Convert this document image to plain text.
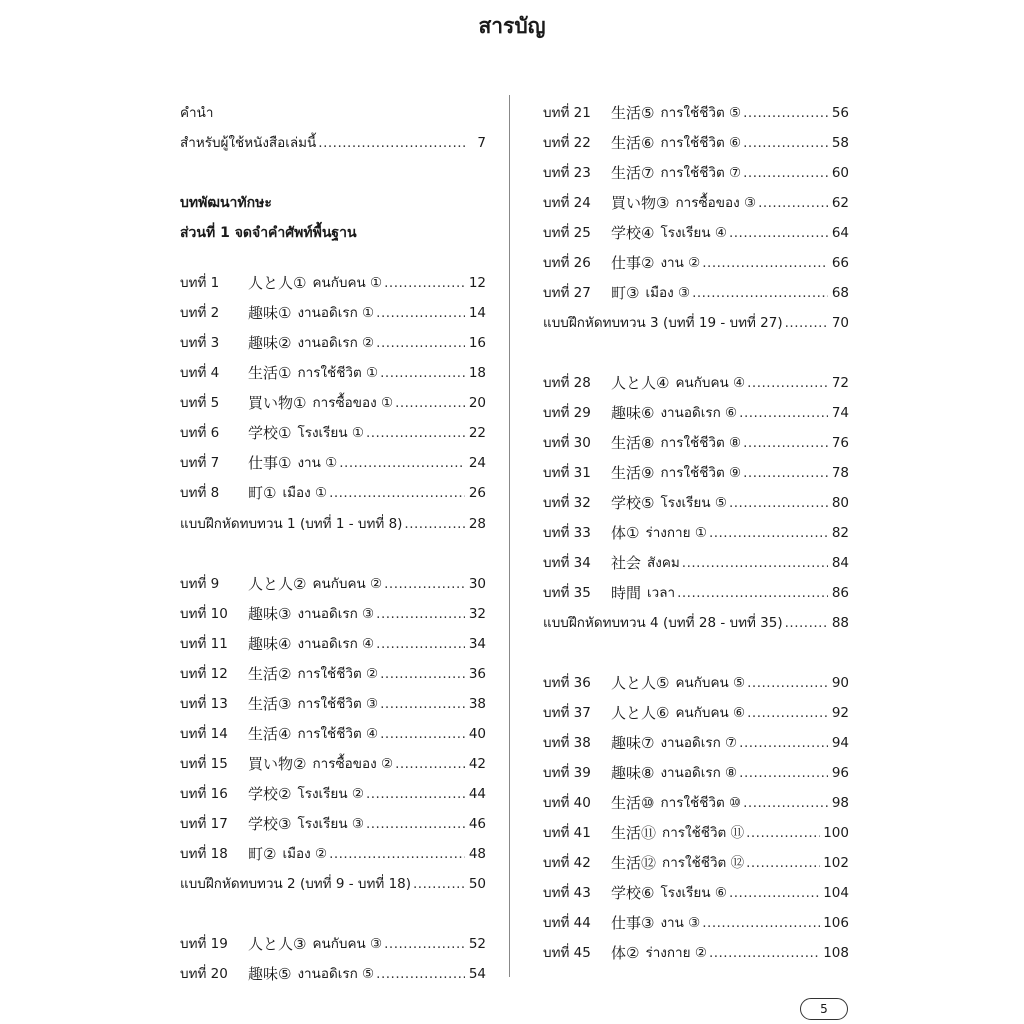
สารบัญ
คำนำ
สำหรับผู้ใช้หนังสือเล่มนี้ .....	7
บทพัฒนาทักษะ
ส่วนที่ 1 จดจำคำศัพท์พื้นฐาน
บทที่ 1	人と人① คนกับคน ① .....	12
บทที่ 2	趣味① งานอดิเรก ① .....	14
บทที่ 3	趣味② งานอดิเรก ② .....	16
บทที่ 4	生活① การใช้ชีวิต ① .....	18
บทที่ 5	買い物① การซื้อของ ① .....	20
บทที่ 6	学校① โรงเรียน ① .....	22
บทที่ 7	仕事① งาน ① .....	24
บทที่ 8	町① เมือง ① .....	26
แบบฝึกหัดทบทวน 1 (บทที่ 1 - บทที่ 8) .....	28
บทที่ 9	人と人② คนกับคน ② .....	30
บทที่ 10	趣味③ งานอดิเรก ③ .....	32
บทที่ 11	趣味④ งานอดิเรก ④ .....	34
บทที่ 12	生活② การใช้ชีวิต ② .....	36
บทที่ 13	生活③ การใช้ชีวิต ③ .....	38
บทที่ 14	生活④ การใช้ชีวิต ④ .....	40
บทที่ 15	買い物② การซื้อของ ② .....	42
บทที่ 16	学校② โรงเรียน ② .....	44
บทที่ 17	学校③ โรงเรียน ③ .....	46
บทที่ 18	町② เมือง ② .....	48
แบบฝึกหัดทบทวน 2 (บทที่ 9 - บทที่ 18) .....	50
บทที่ 19	人と人③ คนกับคน ③ .....	52
บทที่ 20	趣味⑤ งานอดิเรก ⑤ .....	54
บทที่ 21	生活⑤ การใช้ชีวิต ⑤ .....	56
บทที่ 22	生活⑥ การใช้ชีวิต ⑥ .....	58
บทที่ 23	生活⑦ การใช้ชีวิต ⑦ .....	60
บทที่ 24	買い物③ การซื้อของ ③ .....	62
บทที่ 25	学校④ โรงเรียน ④ .....	64
บทที่ 26	仕事② งาน ② .....	66
บทที่ 27	町③ เมือง ③ .....	68
แบบฝึกหัดทบทวน 3 (บทที่ 19 - บทที่ 27) .....	70
บทที่ 28	人と人④ คนกับคน ④ .....	72
บทที่ 29	趣味⑥ งานอดิเรก ⑥ .....	74
บทที่ 30	生活⑧ การใช้ชีวิต ⑧ .....	76
บทที่ 31	生活⑨ การใช้ชีวิต ⑨ .....	78
บทที่ 32	学校⑤ โรงเรียน ⑤ .....	80
บทที่ 33	体① ร่างกาย ① .....	82
บทที่ 34	社会 สังคม .....	84
บทที่ 35	時間 เวลา .....	86
แบบฝึกหัดทบทวน 4 (บทที่ 28 - บทที่ 35) .....	88
บทที่ 36	人と人⑤ คนกับคน ⑤ .....	90
บทที่ 37	人と人⑥ คนกับคน ⑥ .....	92
บทที่ 38	趣味⑦ งานอดิเรก ⑦ .....	94
บทที่ 39	趣味⑧ งานอดิเรก ⑧ .....	96
บทที่ 40	生活⑩ การใช้ชีวิต ⑩ .....	98
บทที่ 41	生活⑪ การใช้ชีวิต ⑪ .....	100
บทที่ 42	生活⑫ การใช้ชีวิต ⑫ .....	102
บทที่ 43	学校⑥ โรงเรียน ⑥ .....	104
บทที่ 44	仕事③ งาน ③ .....	106
บทที่ 45	体② ร่างกาย ② .....	108
5
